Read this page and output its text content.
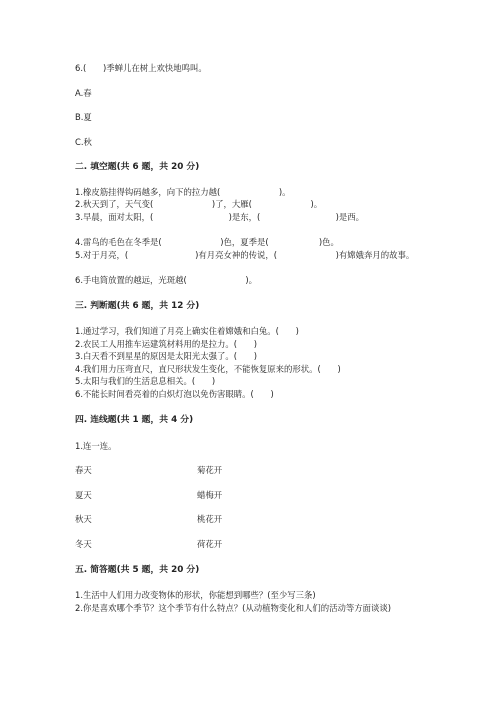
6.(　　)季蝉儿在树上欢快地鸣叫。
A.春
B.夏
C.秋
二. 填空题(共 6 题，共 20 分)
1.橡皮筋挂得钩码越多，向下的拉力越(　　　　　　　)。
2.秋天到了，天气变(　　　　　　　)了，大雁(　　　　　　　)。
3.早晨，面对太阳，(　　　　　　　　　)是东，(　　　　　　　　　)是西。
4.雷鸟的毛色在冬季是(　　　　　　　)色，夏季是(　　　　　　)色。
5.对于月亮，(　　　　　　　　)有月亮女神的传说，(　　　　　　　)有嫦娥奔月的故事。
6.手电筒放置的越远，光斑越(　　　　　　　)。
三. 判断题(共 6 题，共 12 分)
1.通过学习，我们知道了月亮上确实住着嫦娥和白兔。(　　)
2.农民工人用推车运建筑材料用的是拉力。(　　)
3.白天看不到星星的原因是太阳光太强了。(　　)
4.我们用力压弯直尺，直尺形状发生变化，不能恢复原来的形状。(　　)
5.太阳与我们的生活息息相关。(　　)
6.不能长时间看亮着的白炽灯泡以免伤害眼睛。(　　)
四. 连线题(共 1 题，共 4 分)
1.连一连。
春天	菊花开
夏天	蜡梅开
秋天	桃花开
冬天	荷花开
五. 简答题(共 5 题，共 20 分)
1.生活中人们用力改变物体的形状，你能想到哪些？(至少写三条)
2.你是喜欢哪个季节？这个季节有什么特点？(从动植物变化和人们的活动等方面谈谈)
